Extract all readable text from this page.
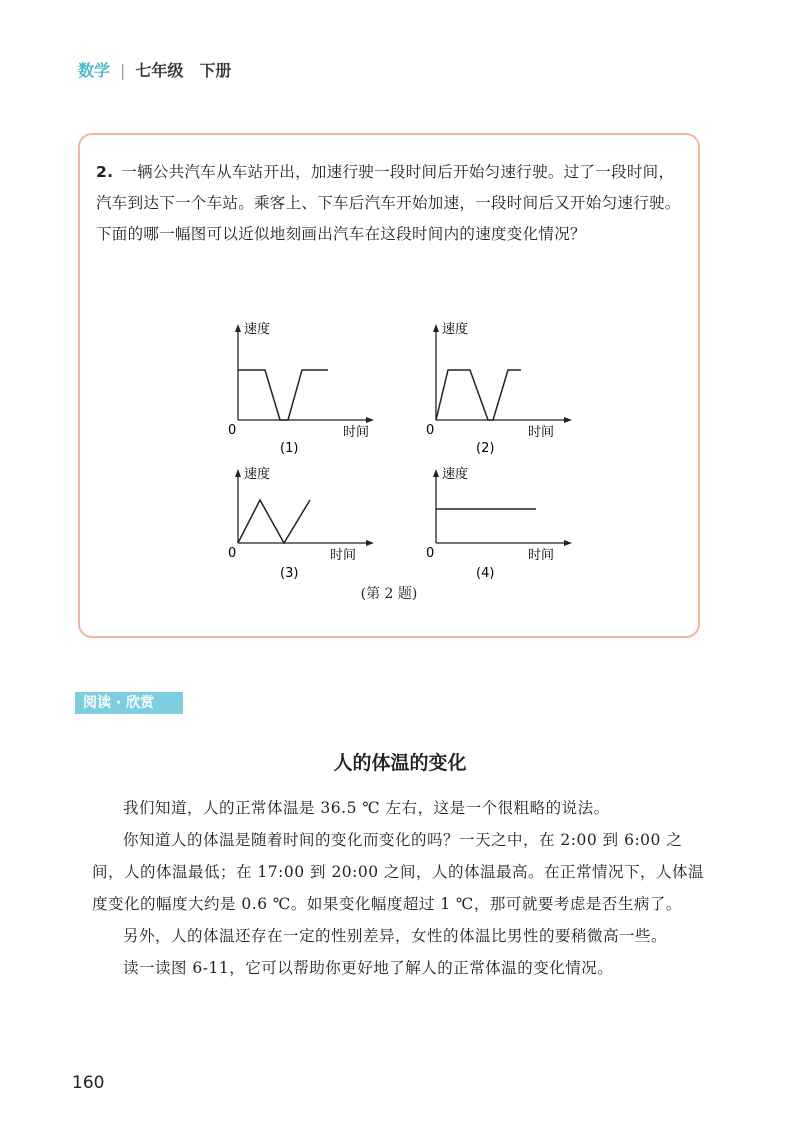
数学 | 七年级　下册
2. 一辆公共汽车从车站开出，加速行驶一段时间后开始匀速行驶。过了一段时间，汽车到达下一个车站。乘客上、下车后汽车开始加速，一段时间后又开始匀速行驶。下面的哪一幅图可以近似地刻画出汽车在这段时间内的速度变化情况？
速度
时间
0
(1)
速度
时间
0
(2)
速度
时间
0
(3)
速度
时间
0
(4)
(第 2 题)
阅读 · 欣赏
人的体温的变化

我们知道，人的正常体温是 36.5 ℃ 左右，这是一个很粗略的说法。

你知道人的体温是随着时间的变化而变化的吗？一天之中，在 2:00 到 6:00 之间，人的体温最低；在 17:00 到 20:00 之间，人的体温最高。在正常情况下，人体温度变化的幅度大约是 0.6 ℃。如果变化幅度超过 1 ℃，那可就要考虑是否生病了。

另外，人的体温还存在一定的性别差异，女性的体温比男性的要稍微高一些。

读一读图 6-11，它可以帮助你更好地了解人的正常体温的变化情况。

160
